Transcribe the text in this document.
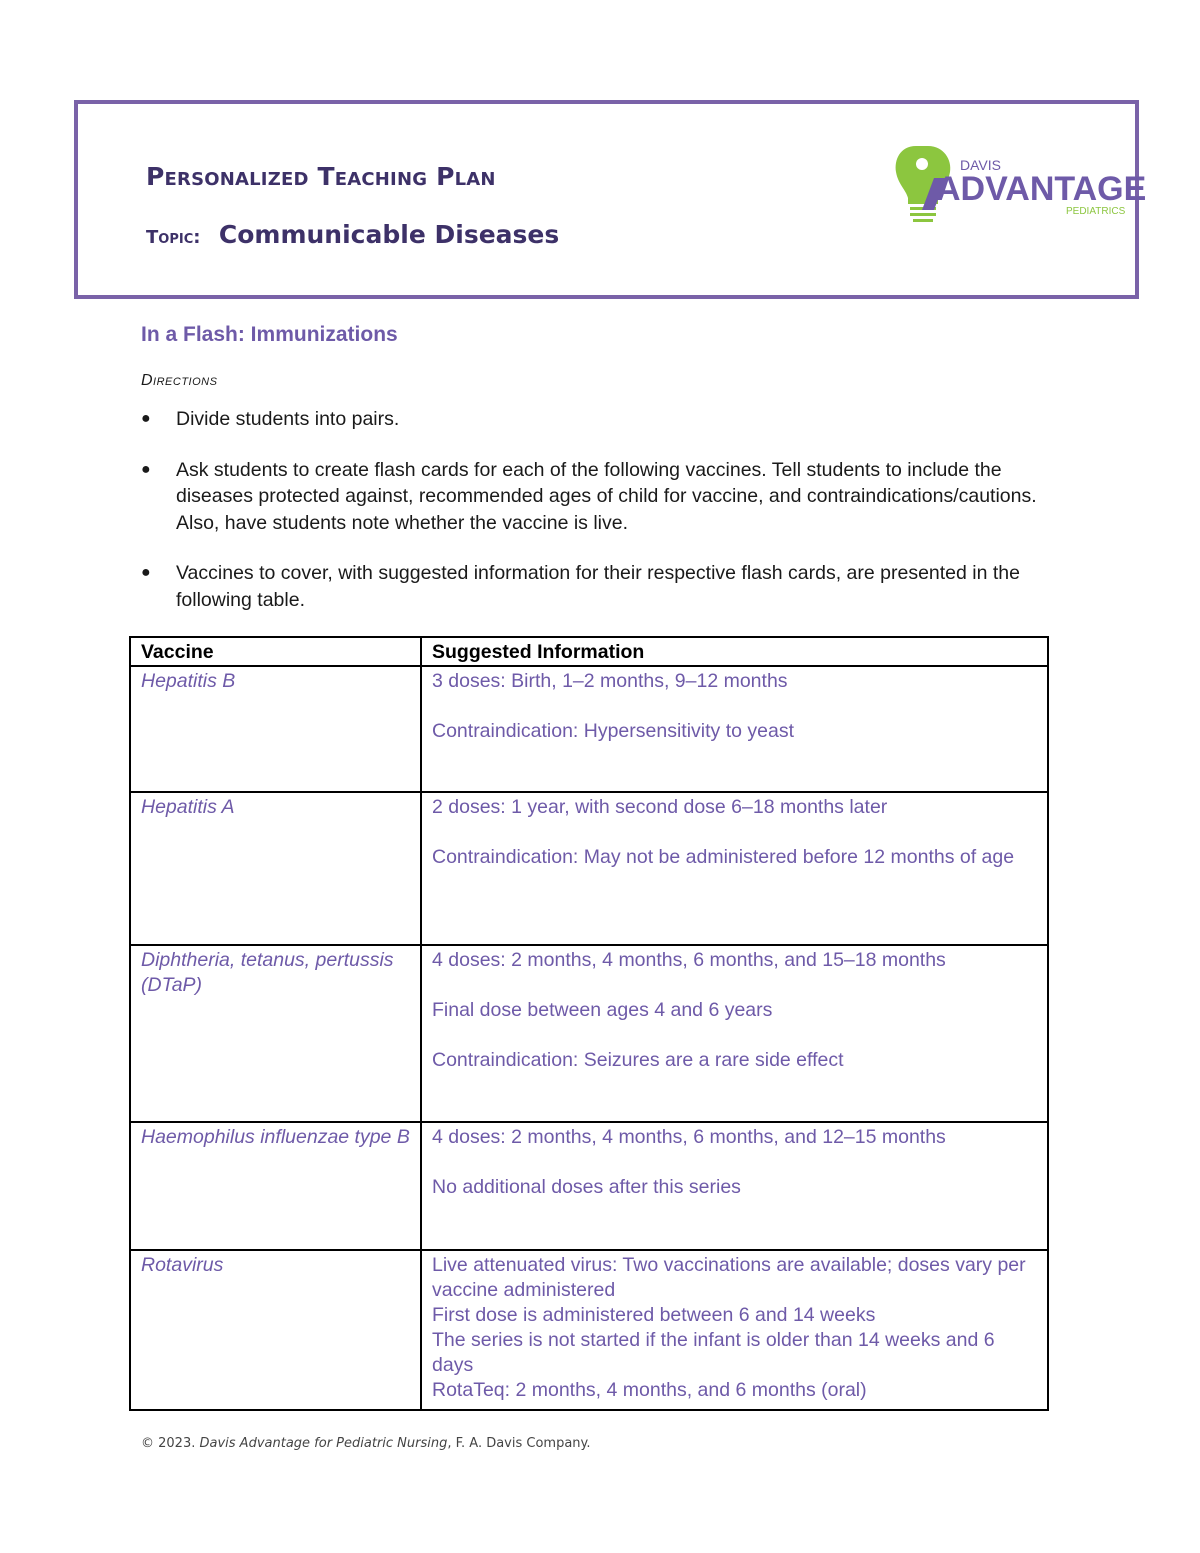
Personalized Teaching Plan
Topic: Communicable Diseases
DAVIS
ADVANTAGE
PEDIATRICS
In a Flash: Immunizations
Directions
● Divide students into pairs.
● Ask students to create flash cards for each of the following vaccines. Tell students to include the diseases protected against, recommended ages of child for vaccine, and contraindications/cautions. Also, have students note whether the vaccine is live.
● Vaccines to cover, with suggested information for their respective flash cards, are presented in the following table.
Vaccine	Suggested Information
Hepatitis B	3 doses: Birth, 1–2 months, 9–12 months

Contraindication: Hypersensitivity to yeast

Hepatitis A	2 doses: 1 year, with second dose 6–18 months later

Contraindication: May not be administered before 12 months of age

Diphtheria, tetanus, pertussis (DTaP)	4 doses: 2 months, 4 months, 6 months, and 15–18 months

Final dose between ages 4 and 6 years

Contraindication: Seizures are a rare side effect

Haemophilus influenzae type B	4 doses: 2 months, 4 months, 6 months, and 12–15 months

No additional doses after this series

Rotavirus	Live attenuated virus: Two vaccinations are available; doses vary per vaccine administered

First dose is administered between 6 and 14 weeks

The series is not started if the infant is older than 14 weeks and 6 days

RotaTeq: 2 months, 4 months, and 6 months (oral)

© 2023. Davis Advantage for Pediatric Nursing, F. A. Davis Company.
